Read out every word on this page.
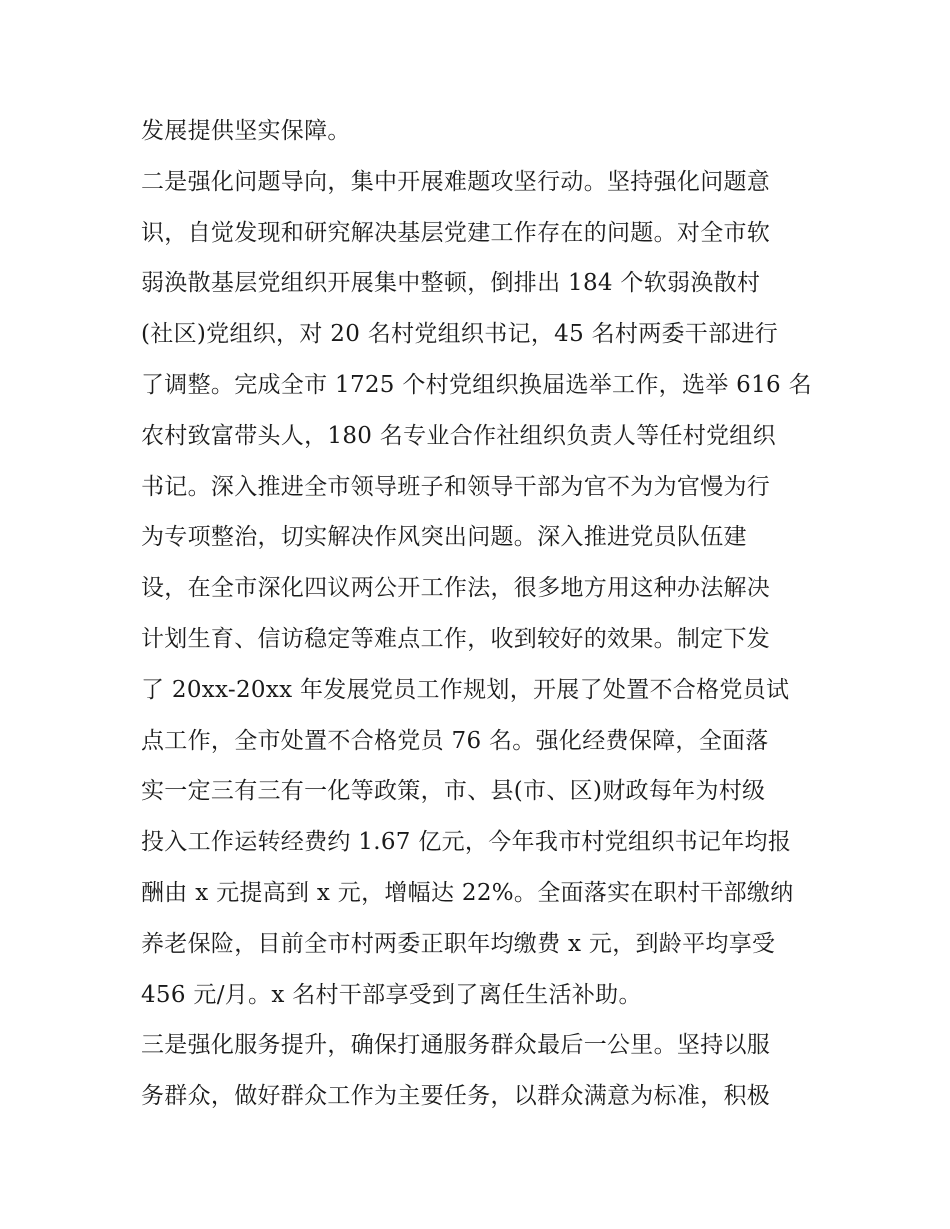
发展提供坚实保障。

二是强化问题导向，集中开展难题攻坚行动。坚持强化问题意
识，自觉发现和研究解决基层党建工作存在的问题。对全市软
弱涣散基层党组织开展集中整顿，倒排出 184 个软弱涣散村
(社区)党组织，对 20 名村党组织书记，45 名村两委干部进行
了调整。完成全市 1725 个村党组织换届选举工作，选举 616 名
农村致富带头人，180 名专业合作社组织负责人等任村党组织
书记。深入推进全市领导班子和领导干部为官不为为官慢为行
为专项整治，切实解决作风突出问题。深入推进党员队伍建
设，在全市深化四议两公开工作法，很多地方用这种办法解决
计划生育、信访稳定等难点工作，收到较好的效果。制定下发
了 20xx-20xx 年发展党员工作规划，开展了处置不合格党员试
点工作，全市处置不合格党员 76 名。强化经费保障，全面落
实一定三有三有一化等政策，市、县(市、区)财政每年为村级
投入工作运转经费约 1.67 亿元，今年我市村党组织书记年均报
酬由 x 元提高到 x 元，增幅达 22%。全面落实在职村干部缴纳
养老保险，目前全市村两委正职年均缴费 x 元，到龄平均享受
456 元/月。x 名村干部享受到了离任生活补助。

三是强化服务提升，确保打通服务群众最后一公里。坚持以服
务群众，做好群众工作为主要任务，以群众满意为标准，积极
